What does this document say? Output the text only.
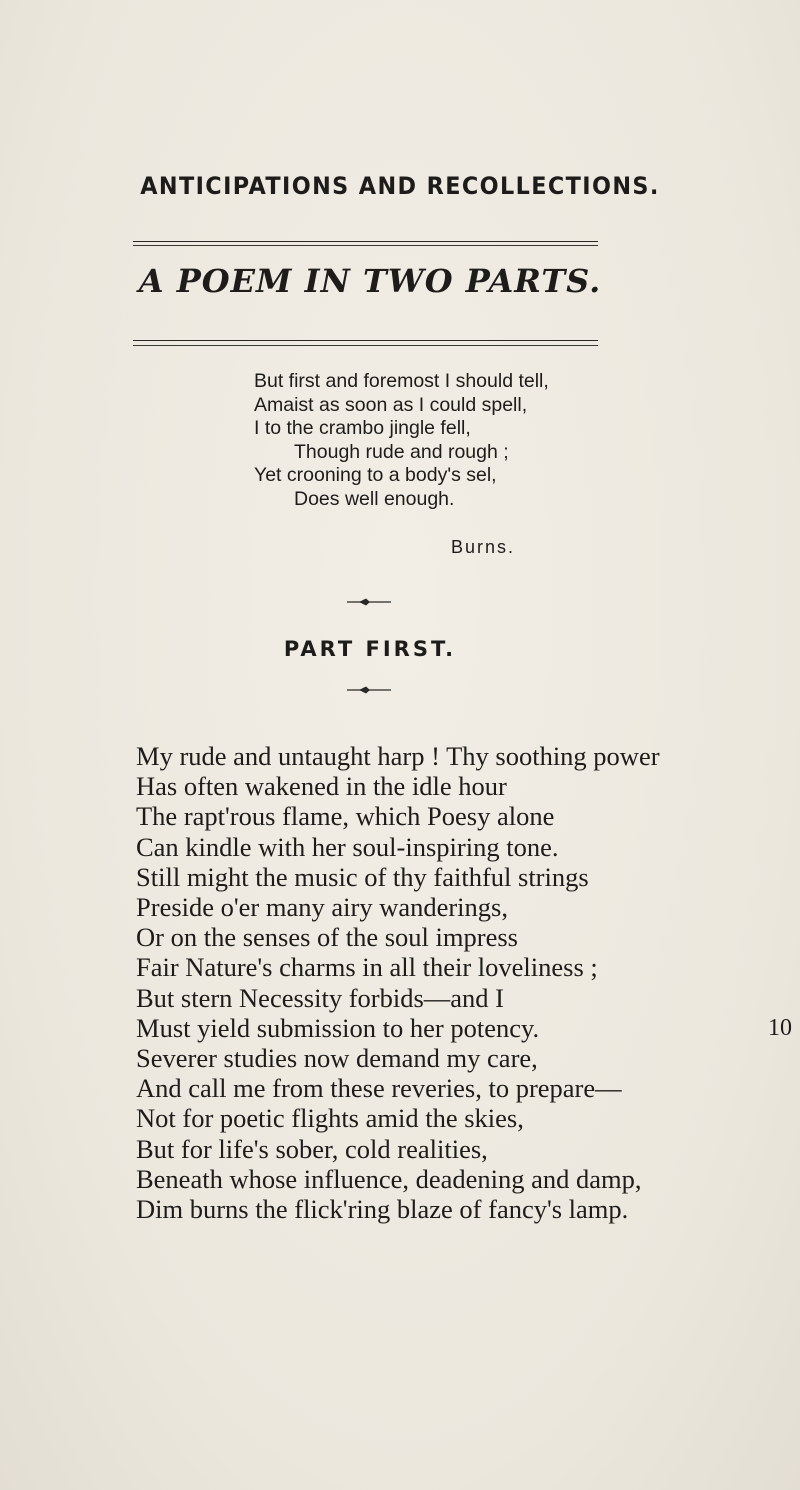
ANTICIPATIONS AND RECOLLECTIONS.
A POEM IN TWO PARTS.
But first and foremost I should tell,
Amaist as soon as I could spell,
I to the crambo jingle fell,
Though rude and rough ;
Yet crooning to a body's sel,
Does well enough.
Burns.
PART FIRST.
My rude and untaught harp ! Thy soothing power
Has often wakened in the idle hour
The rapt'rous flame, which Poesy alone
Can kindle with her soul-inspiring tone.
Still might the music of thy faithful strings
Preside o'er many airy wanderings,
Or on the senses of the soul impress
Fair Nature's charms in all their loveliness ;
But stern Necessity forbids—and I
Must yield submission to her potency.
Severer studies now demand my care,
And call me from these reveries, to prepare—
Not for poetic flights amid the skies,
But for life's sober, cold realities,
Beneath whose influence, deadening and damp,
Dim burns the flick'ring blaze of fancy's lamp.
10
